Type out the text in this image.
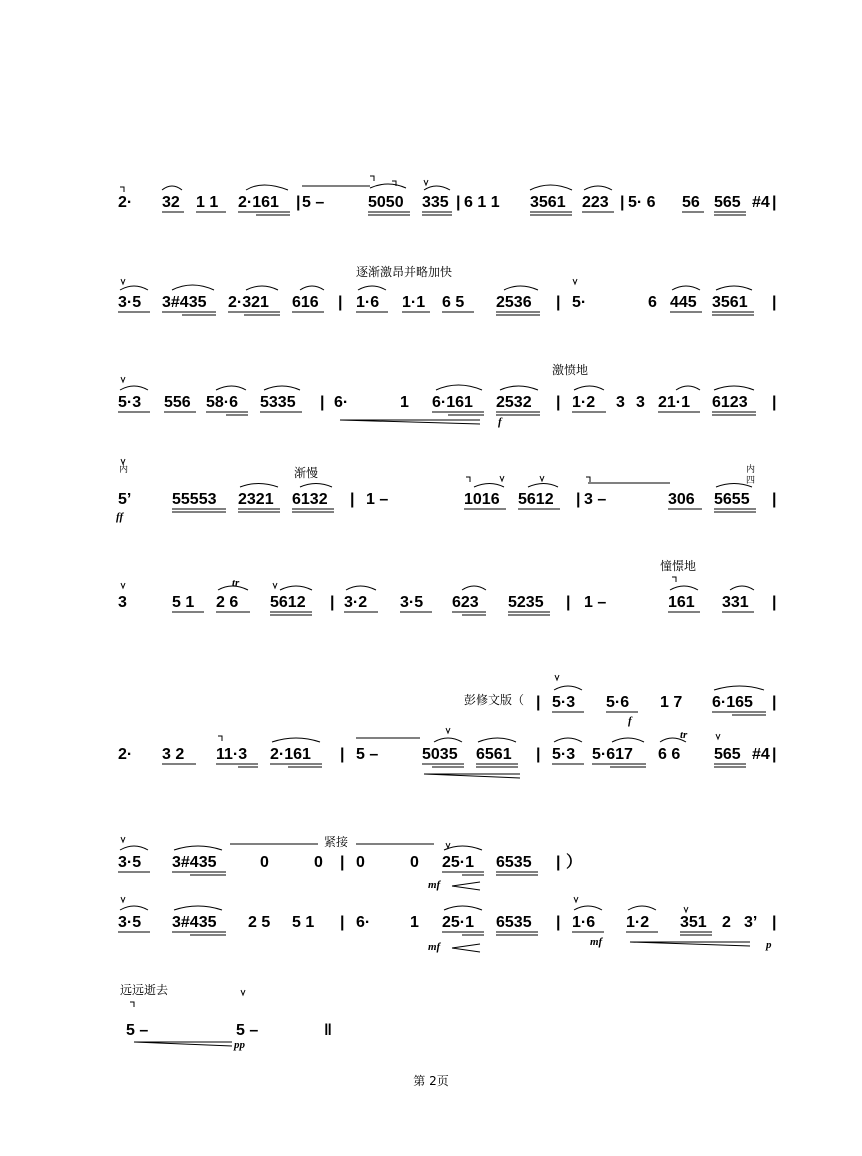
2· 32 1 1 2·161 | 5 –	5050 335 | 6 1 1 3561 223 | 5· 6 56 565 #4 |
逐渐激昂并略加快
3·5 3#435 2·321 616 | 1·6 1·1 6 5 2536 | 5·	6 445 3561 |
激愤地
5·3 556 58·6 5335 | 6·	1 6·161 2532 | 1·2 3 3 21·1 6123 |
f
渐慢
内
5’
ff
55553 2321 6132 | 1 –	1016 5612 | 3 –	306 5655
内
四
|
憧憬地
3	5 1 2 6
tr
5612 | 3·2 3·5 623 5235 | 1 –	161 331 |
彭修文版（ | 5·3 5·6
f
1 7 6·165 |
2· 3 2 11·3 2·161 | 5 –	5035 6561 | 5·3 5·617 6 6
tr
565 #4 |
紧接
3·5 3#435	0	0 | 0	0 25·1 6535 | ）
mf
3·5 3#435 2 5 5 1 | 6· 1 25·1 6535 | 1·6 1·2 351 2 3’ |
mf	mf	p
远远逝去
5 –	5 –	‖
pp
第 2页
